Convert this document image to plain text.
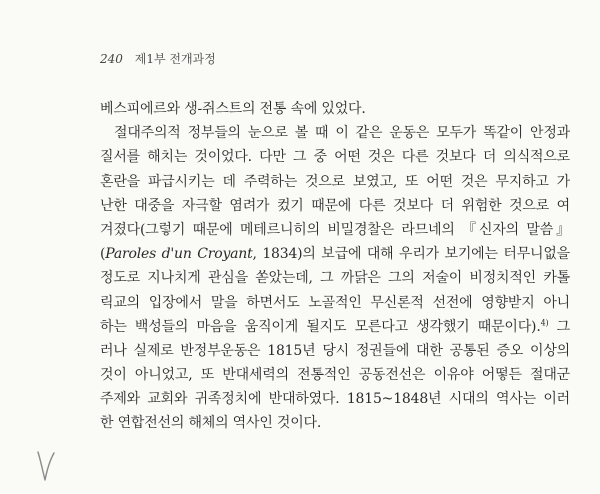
240 제1부 전개과정
베스피에르와 생-쥐스트의 전통 속에 있었다.
절대주의적 정부들의 눈으로 볼 때 이 같은 운동은 모두가 똑같이 안정과
질서를 해치는 것이었다. 다만 그 중 어떤 것은 다른 것보다 더 의식적으로
혼란을 파급시키는 데 주력하는 것으로 보였고, 또 어떤 것은 무지하고 가
난한 대중을 자극할 염려가 컸기 때문에 다른 것보다 더 위험한 것으로 여
겨졌다(그렇기 때문에 메테르니히의 비밀경찰은 라므네의 『신자의 말씀』
(Paroles d'un Croyant, 1834)의 보급에 대해 우리가 보기에는 터무니없을
정도로 지나치게 관심을 쏟았는데, 그 까닭은 그의 저술이 비정치적인 카톨
릭교의 입장에서 말을 하면서도 노골적인 무신론적 선전에 영향받지 아니
하는 백성들의 마음을 움직이게 될지도 모른다고 생각했기 때문이다).$^{4)}$ 그
러나 실제로 반정부운동은 1815년 당시 정권들에 대한 공통된 증오 이상의
것이 아니었고, 또 반대세력의 전통적인 공동전선은 이유야 어떻든 절대군
주제와 교회와 귀족정치에 반대하였다. 1815~1848년 시대의 역사는 이러
한 연합전선의 해체의 역사인 것이다.
